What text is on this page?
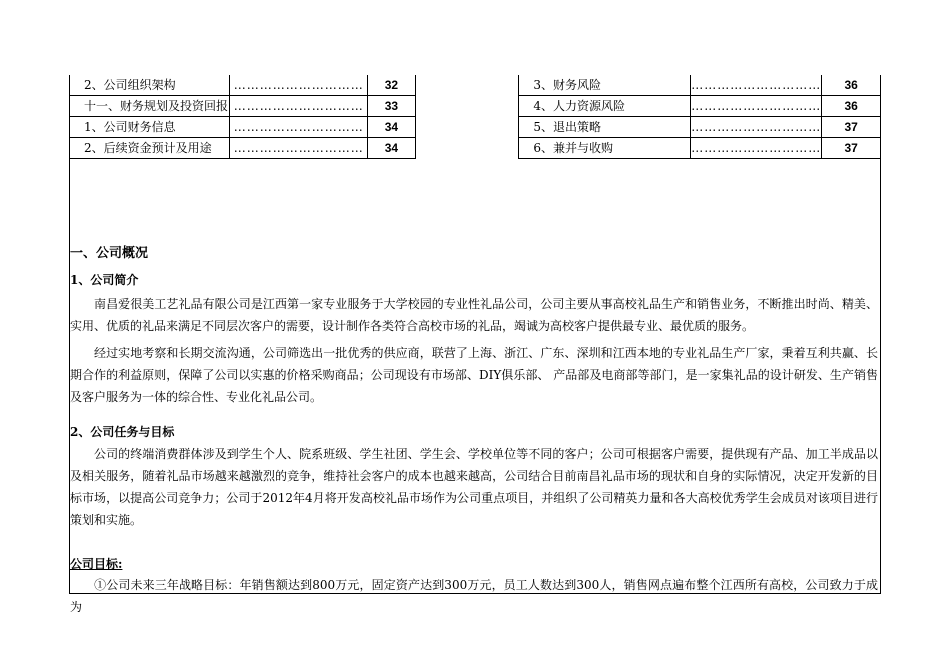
2、公司组织架构	…………………………	32		3、财务风险	…………………………	36
十一、财务规划及投资回报	…………………………	33		4、人力资源风险	…………………………	36
1、公司财务信息	…………………………	34		5、退出策略	…………………………	37
2、后续资金预计及用途	…………………………	34		6、兼并与收购	…………………………	37
一、公司概况
1、公司简介
南昌爱很美工艺礼品有限公司是江西第一家专业服务于大学校园的专业性礼品公司，公司主要从事高校礼品生产和销售业务，不断推出时尚、精美、实用、优质的礼品来满足不同层次客户的需要，设计制作各类符合高校市场的礼品，竭诚为高校客户提供最专业、最优质的服务。
经过实地考察和长期交流沟通，公司筛选出一批优秀的供应商，联营了上海、浙江、广东、深圳和江西本地的专业礼品生产厂家，秉着互利共赢、长期合作的利益原则，保障了公司以实惠的价格采购商品；公司现设有市场部、DIY俱乐部、 产品部及电商部等部门，是一家集礼品的设计研发、生产销售及客户服务为一体的综合性、专业化礼品公司。
2、公司任务与目标
公司的终端消费群体涉及到学生个人、院系班级、学生社团、学生会、学校单位等不同的客户；公司可根据客户需要，提供现有产品、加工半成品以及相关服务，随着礼品市场越来越激烈的竞争，维持社会客户的成本也越来越高，公司结合目前南昌礼品市场的现状和自身的实际情况，决定开发新的目标市场，以提高公司竞争力；公司于2012年4月将开发高校礼品市场作为公司重点项目，并组织了公司精英力量和各大高校优秀学生会成员对该项目进行策划和实施。
公司目标:
①公司未来三年战略目标：年销售额达到800万元，固定资产达到300万元，员工人数达到300人，销售网点遍布整个江西所有高校，公司致力于成为
